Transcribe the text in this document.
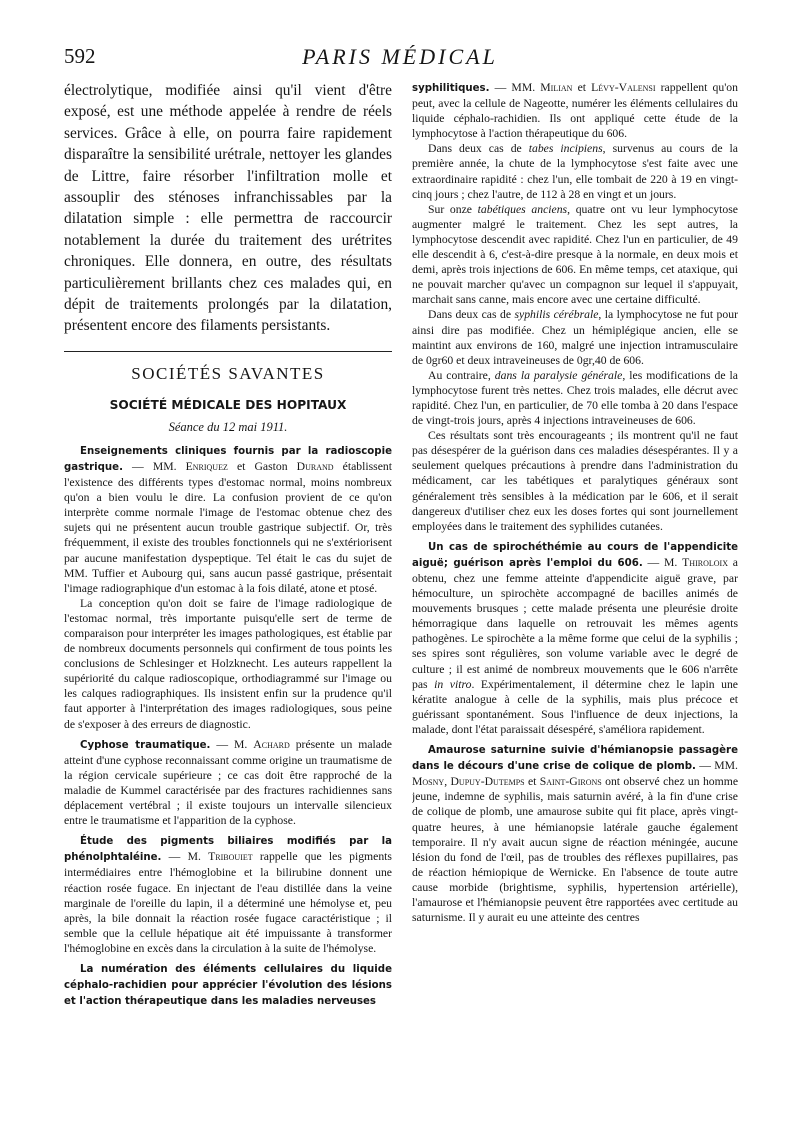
592	PARIS MÉDICAL

électrolytique, modifiée ainsi qu'il vient d'être exposé, est une méthode appelée à rendre de réels services. Grâce à elle, on pourra faire rapidement disparaître la sensibilité urétrale, nettoyer les glandes de Littre, faire résorber l'infiltration molle et assouplir des sténoses infranchissables par la dilatation simple : elle permettra de raccourcir notablement la durée du traitement des urétrites chroniques. Elle donnera, en outre, des résultats particulièrement brillants chez ces malades qui, en dépit de traitements prolongés par la dilatation, présentent encore des filaments persistants.

SOCIÉTÉS SAVANTES
SOCIÉTÉ MÉDICALE DES HOPITAUX
Séance du 12 mai 1911.

Enseignements cliniques fournis par la radioscopie gastrique. — MM. Enriquez et Gaston Durand établissent l'existence des différents types d'estomac normal, moins nombreux qu'on a bien voulu le dire. La confusion provient de ce qu'on interprète comme normale l'image de l'estomac obtenue chez des sujets qui ne présentent aucun trouble gastrique subjectif. Or, très fréquemment, il existe des troubles fonctionnels qui ne s'extériorisent par aucune manifestation dyspeptique. Tel était le cas du sujet de MM. Tuffier et Aubourg qui, sans aucun passé gastrique, présentait l'image radiographique d'un estomac à la fois dilaté, atone et ptosé.

La conception qu'on doit se faire de l'image radiologique de l'estomac normal, très importante puisqu'elle sert de terme de comparaison pour interpréter les images pathologiques, est établie par de nombreux documents personnels qui confirment de tous points les conclusions de Schlesinger et Holzknecht. Les auteurs rappellent la supériorité du calque radioscopique, orthodiagrammé sur l'image ou les calques radiographiques. Ils insistent enfin sur la prudence qu'il faut apporter à l'interprétation des images radiologiques, sous peine de s'exposer à des erreurs de diagnostic.

Cyphose traumatique. — M. Achard présente un malade atteint d'une cyphose reconnaissant comme origine un traumatisme de la région cervicale supérieure ; ce cas doit être rapproché de la maladie de Kummel caractérisée par des fractures rachidiennes sans déplacement vertébral ; il existe toujours un intervalle silencieux entre le traumatisme et l'apparition de la cyphose.

Étude des pigments biliaires modifiés par la phénolphtaléine. — M. Tribouiet rappelle que les pigments intermédiaires entre l'hémoglobine et la bilirubine donnent une réaction rosée fugace. En injectant de l'eau distillée dans la veine marginale de l'oreille du lapin, il a déterminé une hémolyse et, peu après, la bile donnait la réaction rosée fugace caractéristique ; il semble que la cellule hépatique ait été impuissante à transformer l'hémoglobine en excès dans la circulation à la suite de l'hémolyse.

La numération des éléments cellulaires du liquide céphalo-rachidien pour apprécier l'évolution des lésions et l'action thérapeutique dans les maladies nerveuses

syphilitiques. — MM. Milian et Lévy-Valensi rappellent qu'on peut, avec la cellule de Nageotte, numérer les éléments cellulaires du liquide céphalo-rachidien. Ils ont appliqué cette étude de la lymphocytose à l'action thérapeutique du 606.

Dans deux cas de tabes incipiens, survenus au cours de la première année, la chute de la lymphocytose s'est faite avec une extraordinaire rapidité : chez l'un, elle tombait de 220 à 19 en vingt-cinq jours ; chez l'autre, de 112 à 28 en vingt et un jours.

Sur onze tabétiques anciens, quatre ont vu leur lymphocytose augmenter malgré le traitement. Chez les sept autres, la lymphocytose descendit avec rapidité. Chez l'un en particulier, de 49 elle descendit à 6, c'est-à-dire presque à la normale, en deux mois et demi, après trois injections de 606. En même temps, cet ataxique, qui ne pouvait marcher qu'avec un compagnon sur lequel il s'appuyait, marchait sans canne, mais encore avec une certaine difficulté.

Dans deux cas de syphilis cérébrale, la lymphocytose ne fut pour ainsi dire pas modifiée. Chez un hémiplégique ancien, elle se maintint aux environs de 160, malgré une injection intramusculaire de 0gr60 et deux intraveineuses de 0gr,40 de 606.

Au contraire, dans la paralysie générale, les modifications de la lymphocytose furent très nettes. Chez trois malades, elle décrut avec rapidité. Chez l'un, en particulier, de 70 elle tomba à 20 dans l'espace de vingt-trois jours, après 4 injections intraveineuses de 606.

Ces résultats sont très encourageants ; ils montrent qu'il ne faut pas désespérer de la guérison dans ces maladies désespérantes. Il y a seulement quelques précautions à prendre dans l'administration du médicament, car les tabétiques et paralytiques généraux sont généralement très sensibles à la médication par le 606, et il serait dangereux d'utiliser chez eux les doses fortes qui sont journellement employées dans le traitement des syphilides cutanées.

Un cas de spirochéthémie au cours de l'appendicite aiguë; guérison après l'emploi du 606. — M. Thiroloix a obtenu, chez une femme atteinte d'appendicite aiguë grave, par hémoculture, un spirochète accompagné de bacilles animés de mouvements brusques ; cette malade présenta une pleurésie droite hémorragique dans laquelle on retrouvait les mêmes agents pathogènes. Le spirochète a la même forme que celui de la syphilis ; ses spires sont régulières, son volume variable avec le degré de culture ; il est animé de nombreux mouvements que le 606 n'arrête pas in vitro. Expérimentalement, il détermine chez le lapin une kératite analogue à celle de la syphilis, mais plus précoce et guérissant spontanément. Sous l'influence de deux injections, la malade, dont l'état paraissait désespéré, s'améliora rapidement.

Amaurose saturnine suivie d'hémianopsie passagère dans le décours d'une crise de colique de plomb. — MM. Mosny, Dupuy-Dutemps et Saint-Girons ont observé chez un homme jeune, indemne de syphilis, mais saturnin avéré, à la fin d'une crise de colique de plomb, une amaurose subite qui fit place, après vingt-quatre heures, à une hémianopsie latérale gauche également temporaire. Il n'y avait aucun signe de réaction méningée, aucune lésion du fond de l'œil, pas de troubles des réflexes pupillaires, pas de réaction hémiopique de Wernicke. En l'absence de toute autre cause morbide (brightisme, syphilis, hypertension artérielle), l'amaurose et l'hémianopsie peuvent être rapportées avec certitude au saturnisme. Il y aurait eu une atteinte des centres
